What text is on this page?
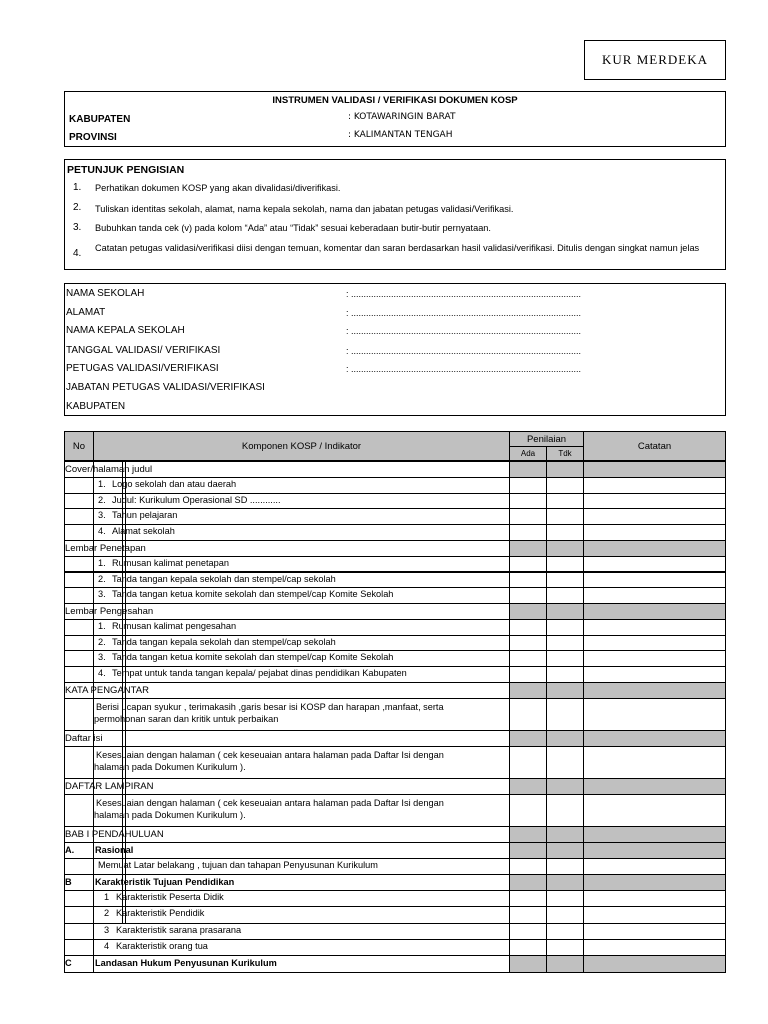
KUR MERDEKA
INSTRUMEN VALIDASI / VERIFIKASI DOKUMEN KOSP
KABUPATEN	: KOTAWARINGIN BARAT
PROVINSI	: KALIMANTAN TENGAH
PETUNJUK PENGISIAN
1. Perhatikan dokumen KOSP yang akan divalidasi/diverifikasi.
2. Tuliskan identitas sekolah, alamat, nama kepala sekolah, nama dan jabatan petugas validasi/Verifikasi.
3. Bubuhkan tanda cek (v) pada kolom “Ada” atau “Tidak” sesuai keberadaan butir-butir pernyataan.
4. Catatan petugas validasi/verifikasi diisi dengan temuan, komentar dan saran berdasarkan hasil validasi/verifikasi. Ditulis dengan singkat namun jelas
NAMA SEKOLAH	: ............................................................................................
ALAMAT	: ............................................................................................
NAMA KEPALA SEKOLAH	: ............................................................................................
TANGGAL VALIDASI/ VERIFIKASI	: ............................................................................................
PETUGAS VALIDASI/VERIFIKASI	: ............................................................................................
JABATAN PETUGAS VALIDASI/VERIFIKASI
KABUPATEN
No	Komponen KOSP / Indikator
Penilaian
Ada	Tdk
Catatan
Cover/halaman judul
1. Logo sekolah dan atau daerah
2. Judul: Kurikulum Operasional SD ............
3. Tahun pelajaran
4. Alamat sekolah
Lembar Penetapan
1. Rumusan kalimat penetapan
2. Tanda tangan kepala sekolah dan stempel/cap sekolah
3. Tanda tangan ketua komite sekolah dan stempel/cap Komite Sekolah
Lembar Pengesahan
1. Rumusan kalimat pengesahan
2. Tanda tangan kepala sekolah dan stempel/cap sekolah
3. Tanda tangan ketua komite sekolah dan stempel/cap Komite Sekolah
4. Tempat untuk tanda tangan kepala/ pejabat dinas pendidikan Kabupaten
KATA PENGANTAR
Berisi ucapan syukur , terimakasih ,garis besar isi KOSP dan harapan ,manfaat, serta
permohonan saran dan kritik untuk perbaikan
Daftar isi
Kesesuaian dengan halaman ( cek keseuaian antara halaman pada Daftar Isi dengan
halaman pada Dokumen Kurikulum ).
DAFTAR LAMPIRAN
Kesesuaian dengan halaman ( cek keseuaian antara halaman pada Daftar Isi dengan
halaman pada Dokumen Kurikulum ).
BAB I PENDAHULUAN
A. Rasional
Memuat Latar belakang , tujuan dan tahapan Penyusunan Kurikulum
B	Karakteristik Tujuan Pendidikan
1 Karakteristik Peserta Didik
2 Karakteristik Pendidik
3 Karakteristik sarana prasarana
4 Karakteristik orang tua
C	Landasan Hukum Penyusunan Kurikulum
